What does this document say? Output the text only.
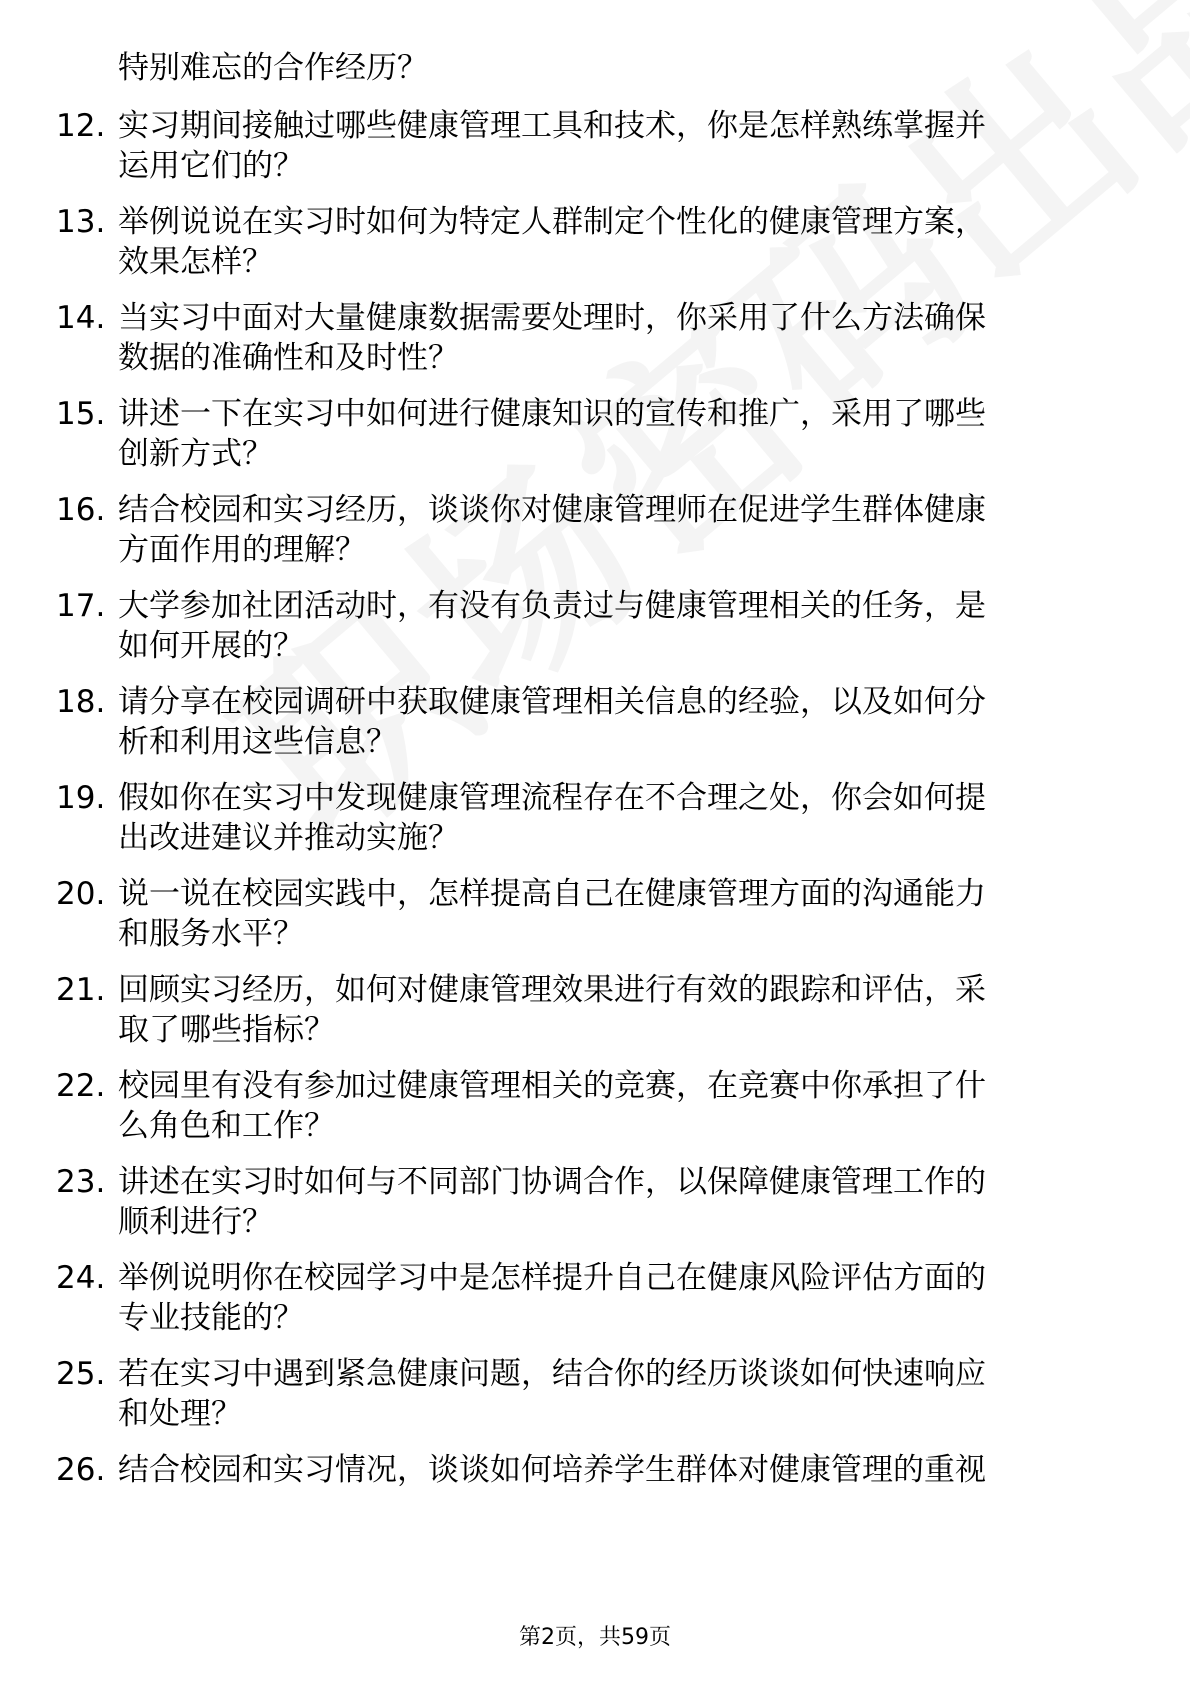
特别难忘的合作经历？
12. 实习期间接触过哪些健康管理工具和技术，你是怎样熟练掌握并
运用它们的？
13. 举例说说在实习时如何为特定人群制定个性化的健康管理方案，
效果怎样？
14. 当实习中面对大量健康数据需要处理时，你采用了什么方法确保
数据的准确性和及时性？
15. 讲述一下在实习中如何进行健康知识的宣传和推广，采用了哪些
创新方式？
16. 结合校园和实习经历，谈谈你对健康管理师在促进学生群体健康
方面作用的理解？
17. 大学参加社团活动时，有没有负责过与健康管理相关的任务，是
如何开展的？
18. 请分享在校园调研中获取健康管理相关信息的经验，以及如何分
析和利用这些信息？
19. 假如你在实习中发现健康管理流程存在不合理之处，你会如何提
出改进建议并推动实施？
20. 说一说在校园实践中，怎样提高自己在健康管理方面的沟通能力
和服务水平？
21. 回顾实习经历，如何对健康管理效果进行有效的跟踪和评估，采
取了哪些指标？
22. 校园里有没有参加过健康管理相关的竞赛，在竞赛中你承担了什
么角色和工作？
23. 讲述在实习时如何与不同部门协调合作，以保障健康管理工作的
顺利进行？
24. 举例说明你在校园学习中是怎样提升自己在健康风险评估方面的
专业技能的？
25. 若在实习中遇到紧急健康问题，结合你的经历谈谈如何快速响应
和处理？
26. 结合校园和实习情况，谈谈如何培养学生群体对健康管理的重视
第2页，共59页
